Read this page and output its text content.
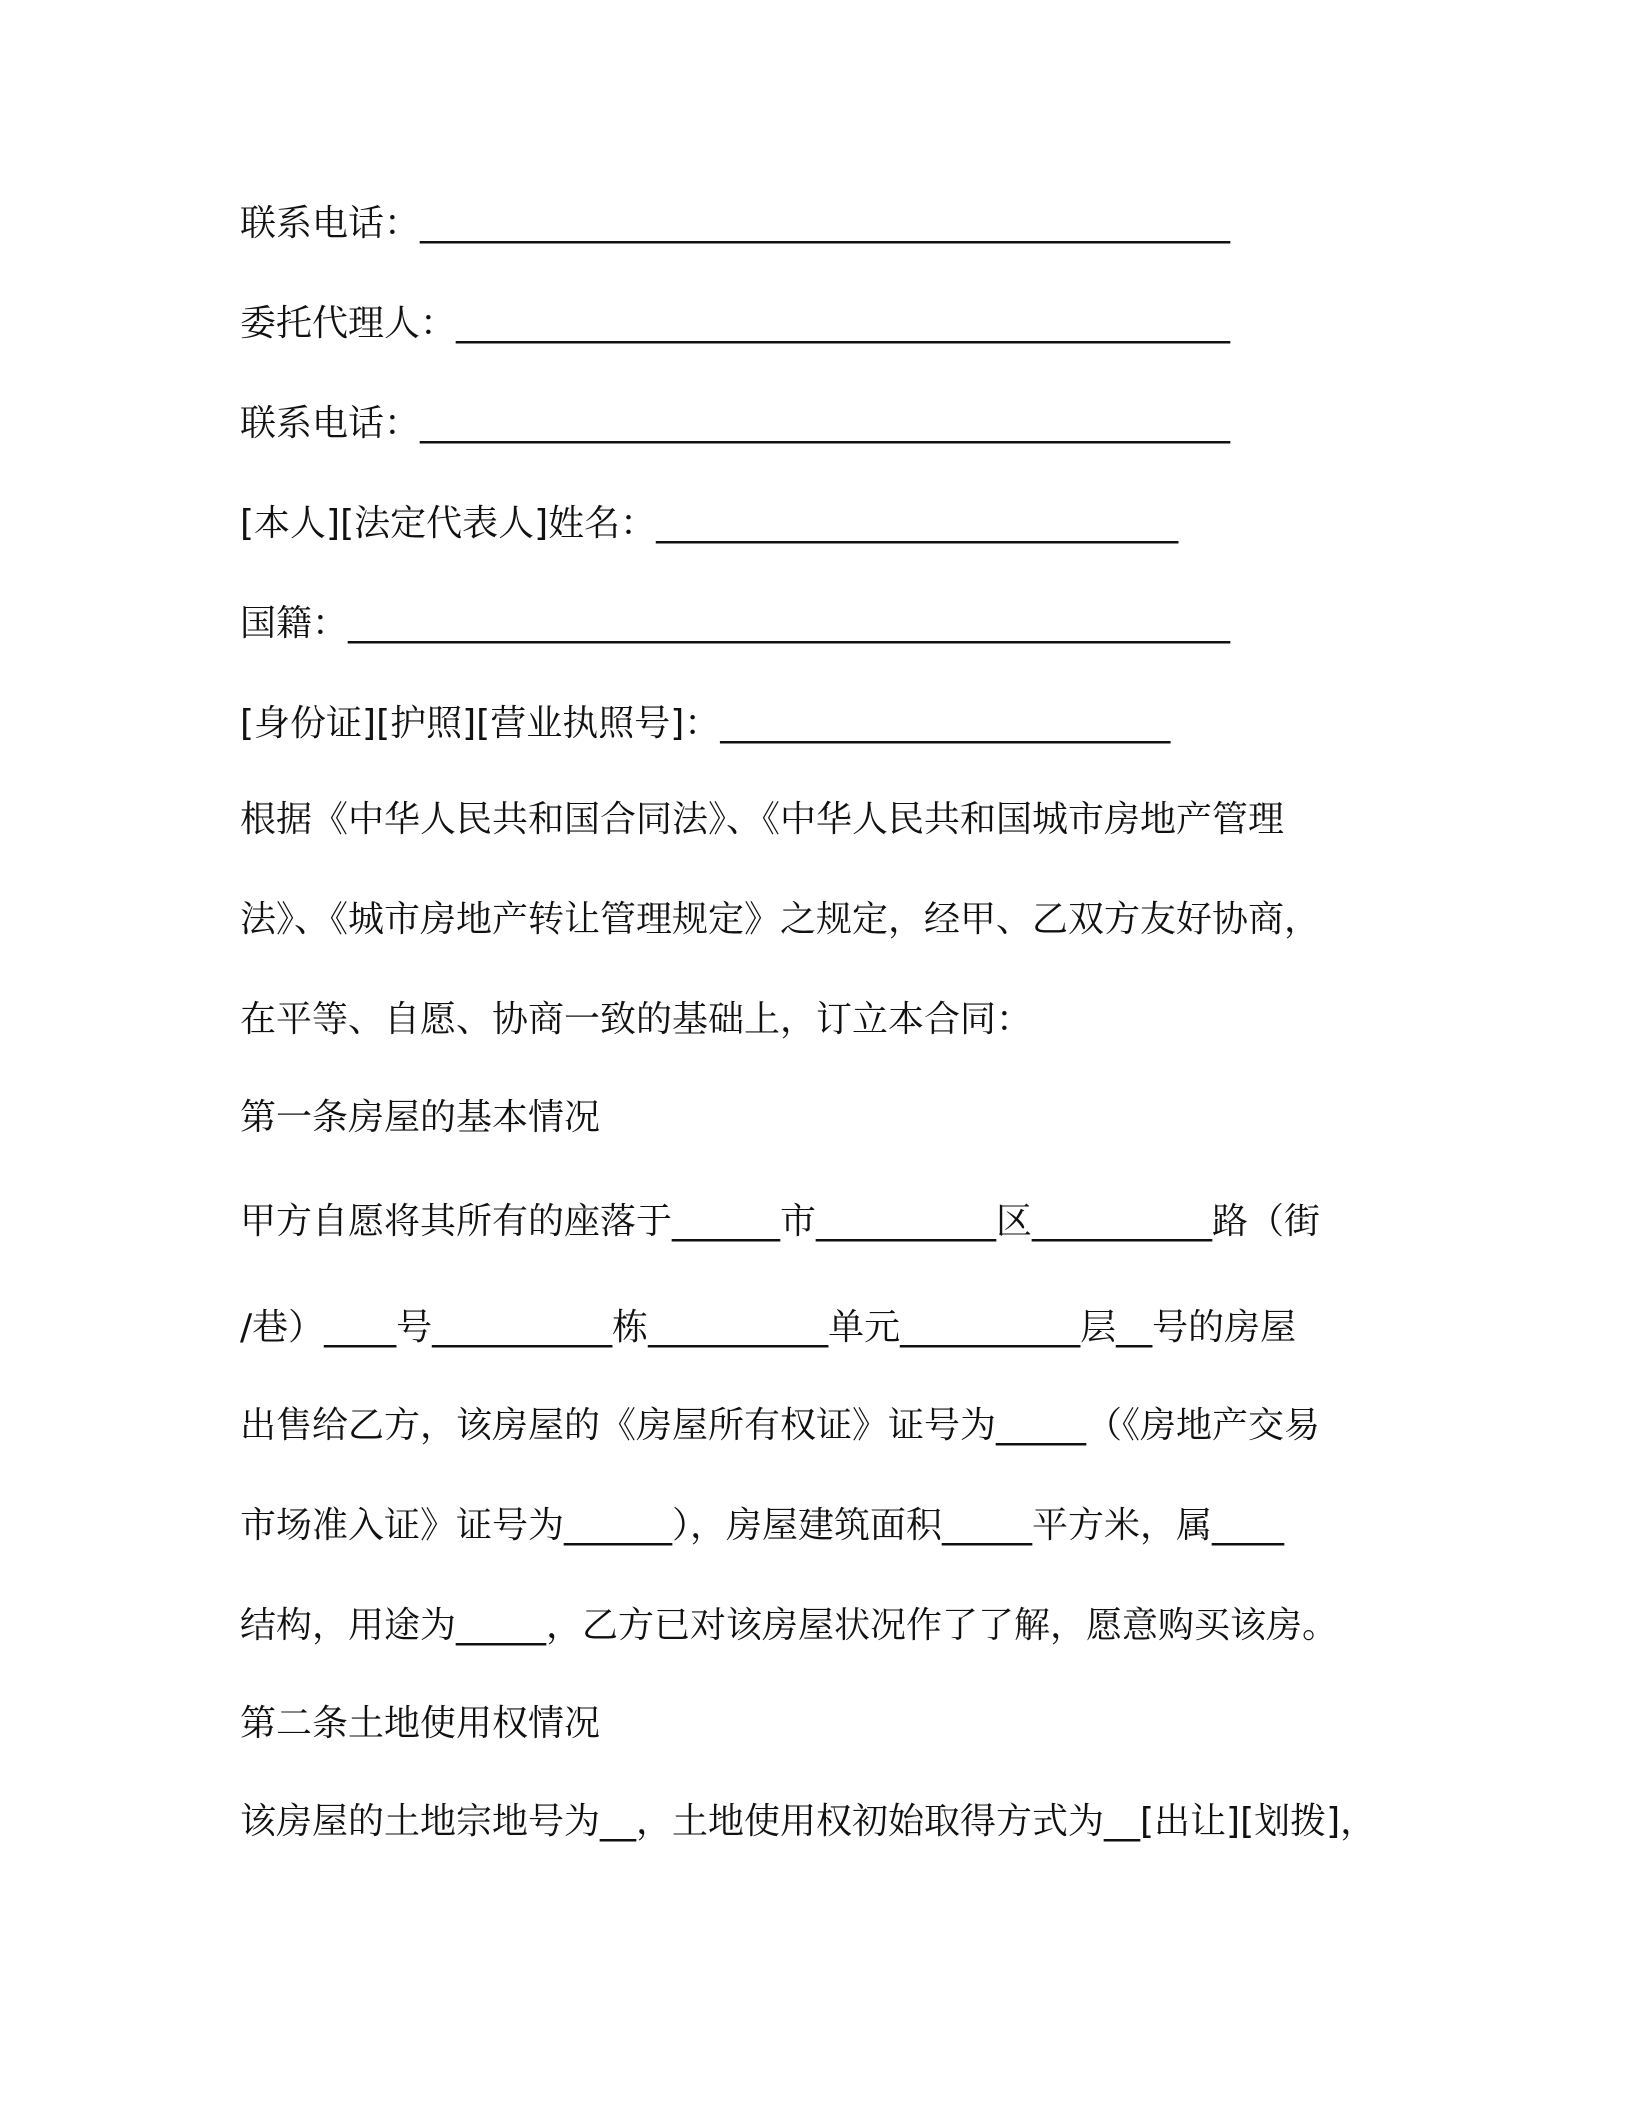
联系电话：_____________________________________________
委托代理人：___________________________________________
联系电话：_____________________________________________
[本人][法定代表人]姓名：_____________________________
国籍：_________________________________________________
[身份证][护照][营业执照号]：_________________________
根据《中华人民共和国合同法》、《中华人民共和国城市房地产管理
法》、《城市房地产转让管理规定》之规定，经甲、乙双方友好协商，
在平等、自愿、协商一致的基础上，订立本合同：
第一条房屋的基本情况
甲方自愿将其所有的座落于______市__________区__________路（街
/巷）____号__________栋__________单元__________层__号的房屋
出售给乙方，该房屋的《房屋所有权证》证号为_____（《房地产交易
市场准入证》证号为______），房屋建筑面积_____平方米，属____
结构，用途为_____，乙方已对该房屋状况作了了解，愿意购买该房。
第二条土地使用权情况
该房屋的土地宗地号为__，土地使用权初始取得方式为__[出让][划拨]，
